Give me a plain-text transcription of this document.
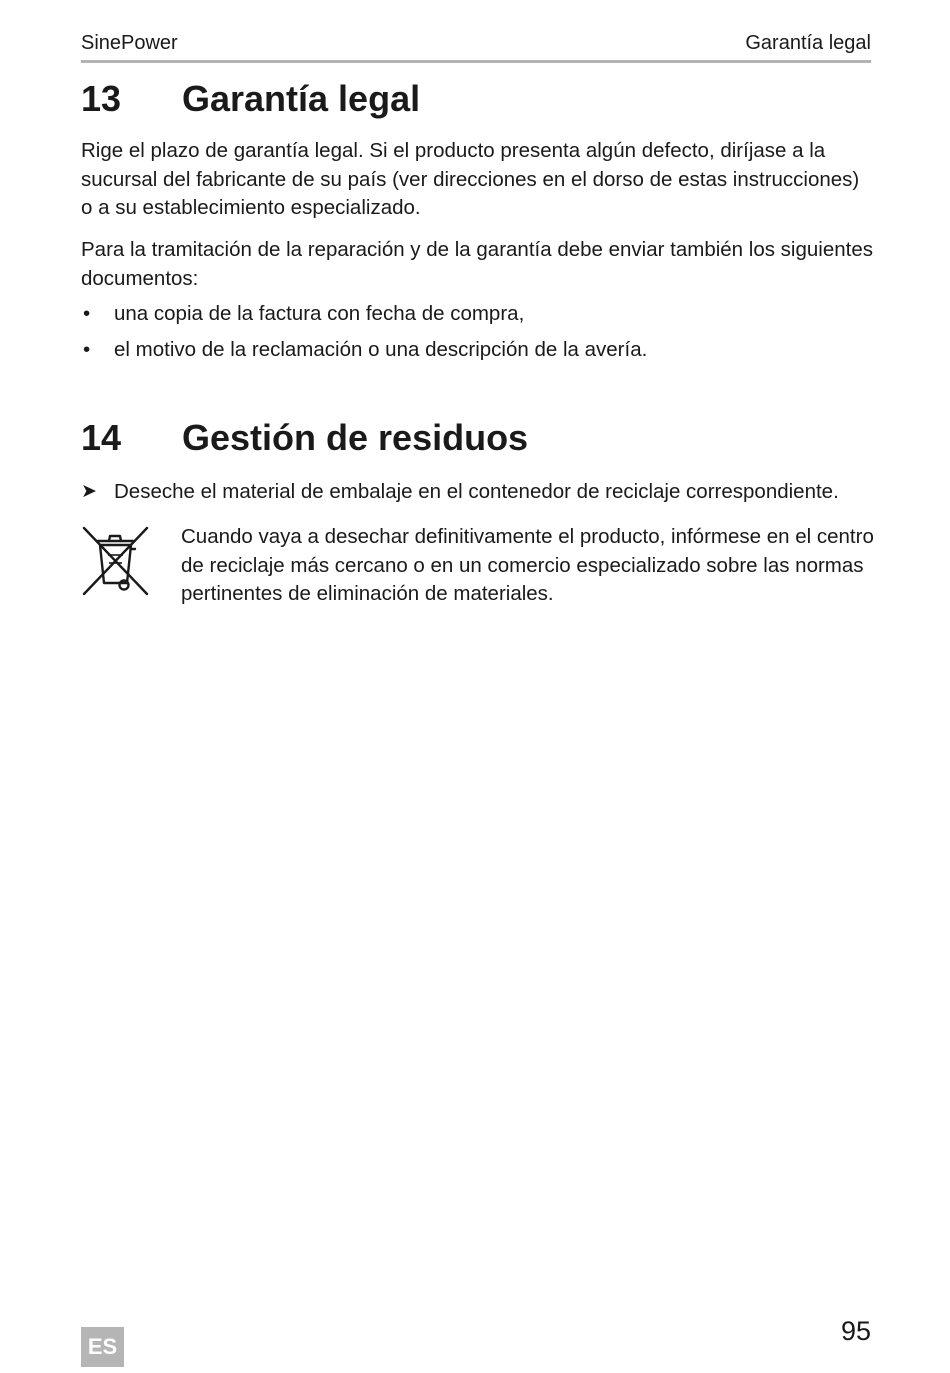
SinePower	Garantía legal
13 Garantía legal
Rige el plazo de garantía legal. Si el producto presenta algún defecto, diríjase a la sucursal del fabricante de su país (ver direcciones en el dorso de estas instrucciones) o a su establecimiento especializado.
Para la tramitación de la reparación y de la garantía debe enviar también los siguientes documentos:
• una copia de la factura con fecha de compra,
• el motivo de la reclamación o una descripción de la avería.
14 Gestión de residuos
➤ Deseche el material de embalaje en el contenedor de reciclaje correspondiente.
Cuando vaya a desechar definitivamente el producto, infórmese en el centro de reciclaje más cercano o en un comercio especializado sobre las normas pertinentes de eliminación de materiales.
95
ES
